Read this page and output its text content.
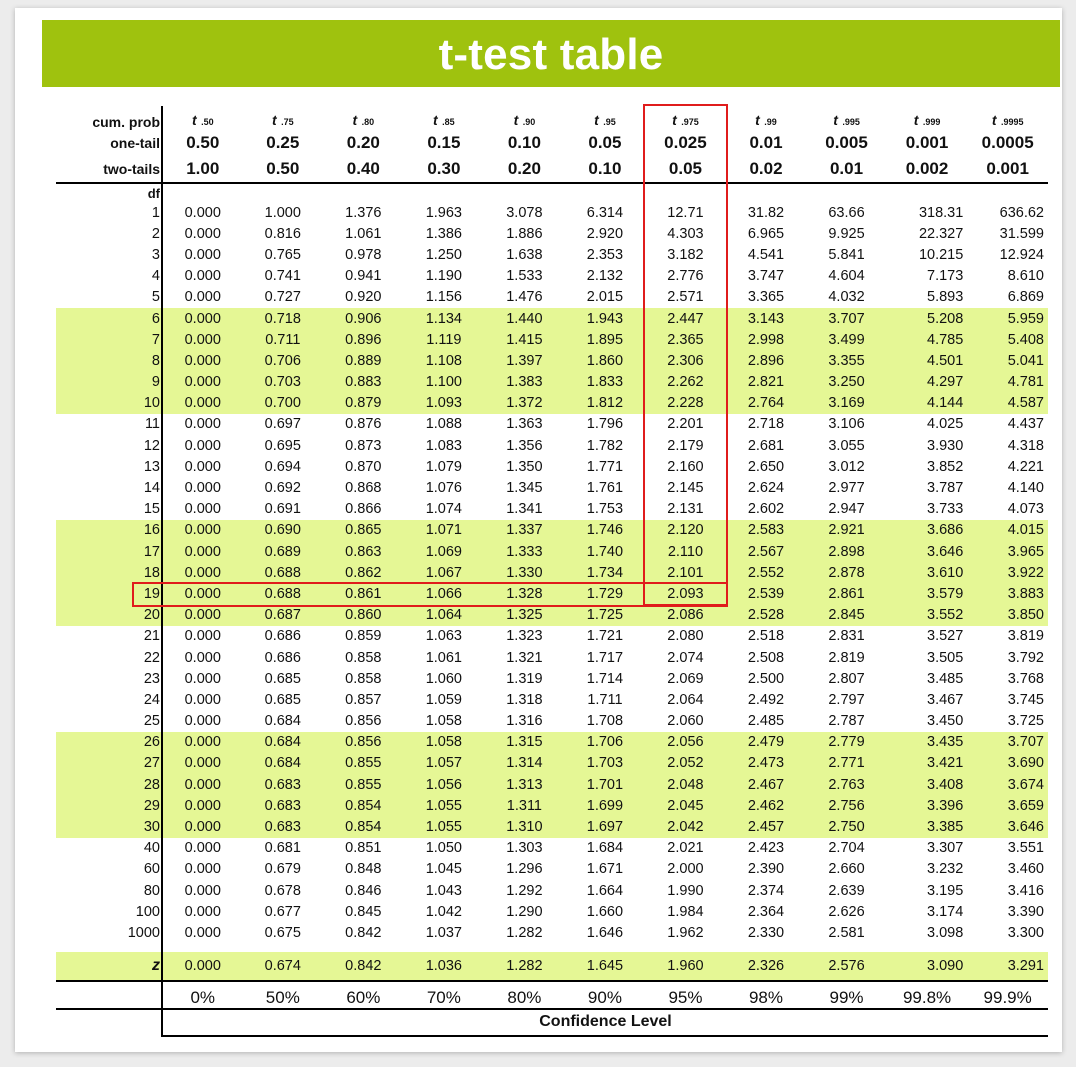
t-test table
cum. prob	t .50	t .75	t .80	t .85	t .90	t .95	t .975	t .99	t .995	t .999	t .9995
one-tail	0.50	0.25	0.20	0.15	0.10	0.05	0.025	0.01	0.005	0.001	0.0005
two-tails	1.00	0.50	0.40	0.30	0.20	0.10	0.05	0.02	0.01	0.002	0.001
df											
1	0.000	1.000	1.376	1.963	3.078	6.314	12.71	31.82	63.66	318.31	636.62
2	0.000	0.816	1.061	1.386	1.886	2.920	4.303	6.965	9.925	22.327	31.599
3	0.000	0.765	0.978	1.250	1.638	2.353	3.182	4.541	5.841	10.215	12.924
4	0.000	0.741	0.941	1.190	1.533	2.132	2.776	3.747	4.604	7.173	8.610
5	0.000	0.727	0.920	1.156	1.476	2.015	2.571	3.365	4.032	5.893	6.869
6	0.000	0.718	0.906	1.134	1.440	1.943	2.447	3.143	3.707	5.208	5.959
7	0.000	0.711	0.896	1.119	1.415	1.895	2.365	2.998	3.499	4.785	5.408
8	0.000	0.706	0.889	1.108	1.397	1.860	2.306	2.896	3.355	4.501	5.041
9	0.000	0.703	0.883	1.100	1.383	1.833	2.262	2.821	3.250	4.297	4.781
10	0.000	0.700	0.879	1.093	1.372	1.812	2.228	2.764	3.169	4.144	4.587
11	0.000	0.697	0.876	1.088	1.363	1.796	2.201	2.718	3.106	4.025	4.437
12	0.000	0.695	0.873	1.083	1.356	1.782	2.179	2.681	3.055	3.930	4.318
13	0.000	0.694	0.870	1.079	1.350	1.771	2.160	2.650	3.012	3.852	4.221
14	0.000	0.692	0.868	1.076	1.345	1.761	2.145	2.624	2.977	3.787	4.140
15	0.000	0.691	0.866	1.074	1.341	1.753	2.131	2.602	2.947	3.733	4.073
16	0.000	0.690	0.865	1.071	1.337	1.746	2.120	2.583	2.921	3.686	4.015
17	0.000	0.689	0.863	1.069	1.333	1.740	2.110	2.567	2.898	3.646	3.965
18	0.000	0.688	0.862	1.067	1.330	1.734	2.101	2.552	2.878	3.610	3.922
19	0.000	0.688	0.861	1.066	1.328	1.729	2.093	2.539	2.861	3.579	3.883
20	0.000	0.687	0.860	1.064	1.325	1.725	2.086	2.528	2.845	3.552	3.850
21	0.000	0.686	0.859	1.063	1.323	1.721	2.080	2.518	2.831	3.527	3.819
22	0.000	0.686	0.858	1.061	1.321	1.717	2.074	2.508	2.819	3.505	3.792
23	0.000	0.685	0.858	1.060	1.319	1.714	2.069	2.500	2.807	3.485	3.768
24	0.000	0.685	0.857	1.059	1.318	1.711	2.064	2.492	2.797	3.467	3.745
25	0.000	0.684	0.856	1.058	1.316	1.708	2.060	2.485	2.787	3.450	3.725
26	0.000	0.684	0.856	1.058	1.315	1.706	2.056	2.479	2.779	3.435	3.707
27	0.000	0.684	0.855	1.057	1.314	1.703	2.052	2.473	2.771	3.421	3.690
28	0.000	0.683	0.855	1.056	1.313	1.701	2.048	2.467	2.763	3.408	3.674
29	0.000	0.683	0.854	1.055	1.311	1.699	2.045	2.462	2.756	3.396	3.659
30	0.000	0.683	0.854	1.055	1.310	1.697	2.042	2.457	2.750	3.385	3.646
40	0.000	0.681	0.851	1.050	1.303	1.684	2.021	2.423	2.704	3.307	3.551
60	0.000	0.679	0.848	1.045	1.296	1.671	2.000	2.390	2.660	3.232	3.460
80	0.000	0.678	0.846	1.043	1.292	1.664	1.990	2.374	2.639	3.195	3.416
100	0.000	0.677	0.845	1.042	1.290	1.660	1.984	2.364	2.626	3.174	3.390
1000	0.000	0.675	0.842	1.037	1.282	1.646	1.962	2.330	2.581	3.098	3.300

z	0.000	0.674	0.842	1.036	1.282	1.645	1.960	2.326	2.576	3.090	3.291
	0%	50%	60%	70%	80%	90%	95%	98%	99%	99.8%	99.9%
	Confidence Level										
